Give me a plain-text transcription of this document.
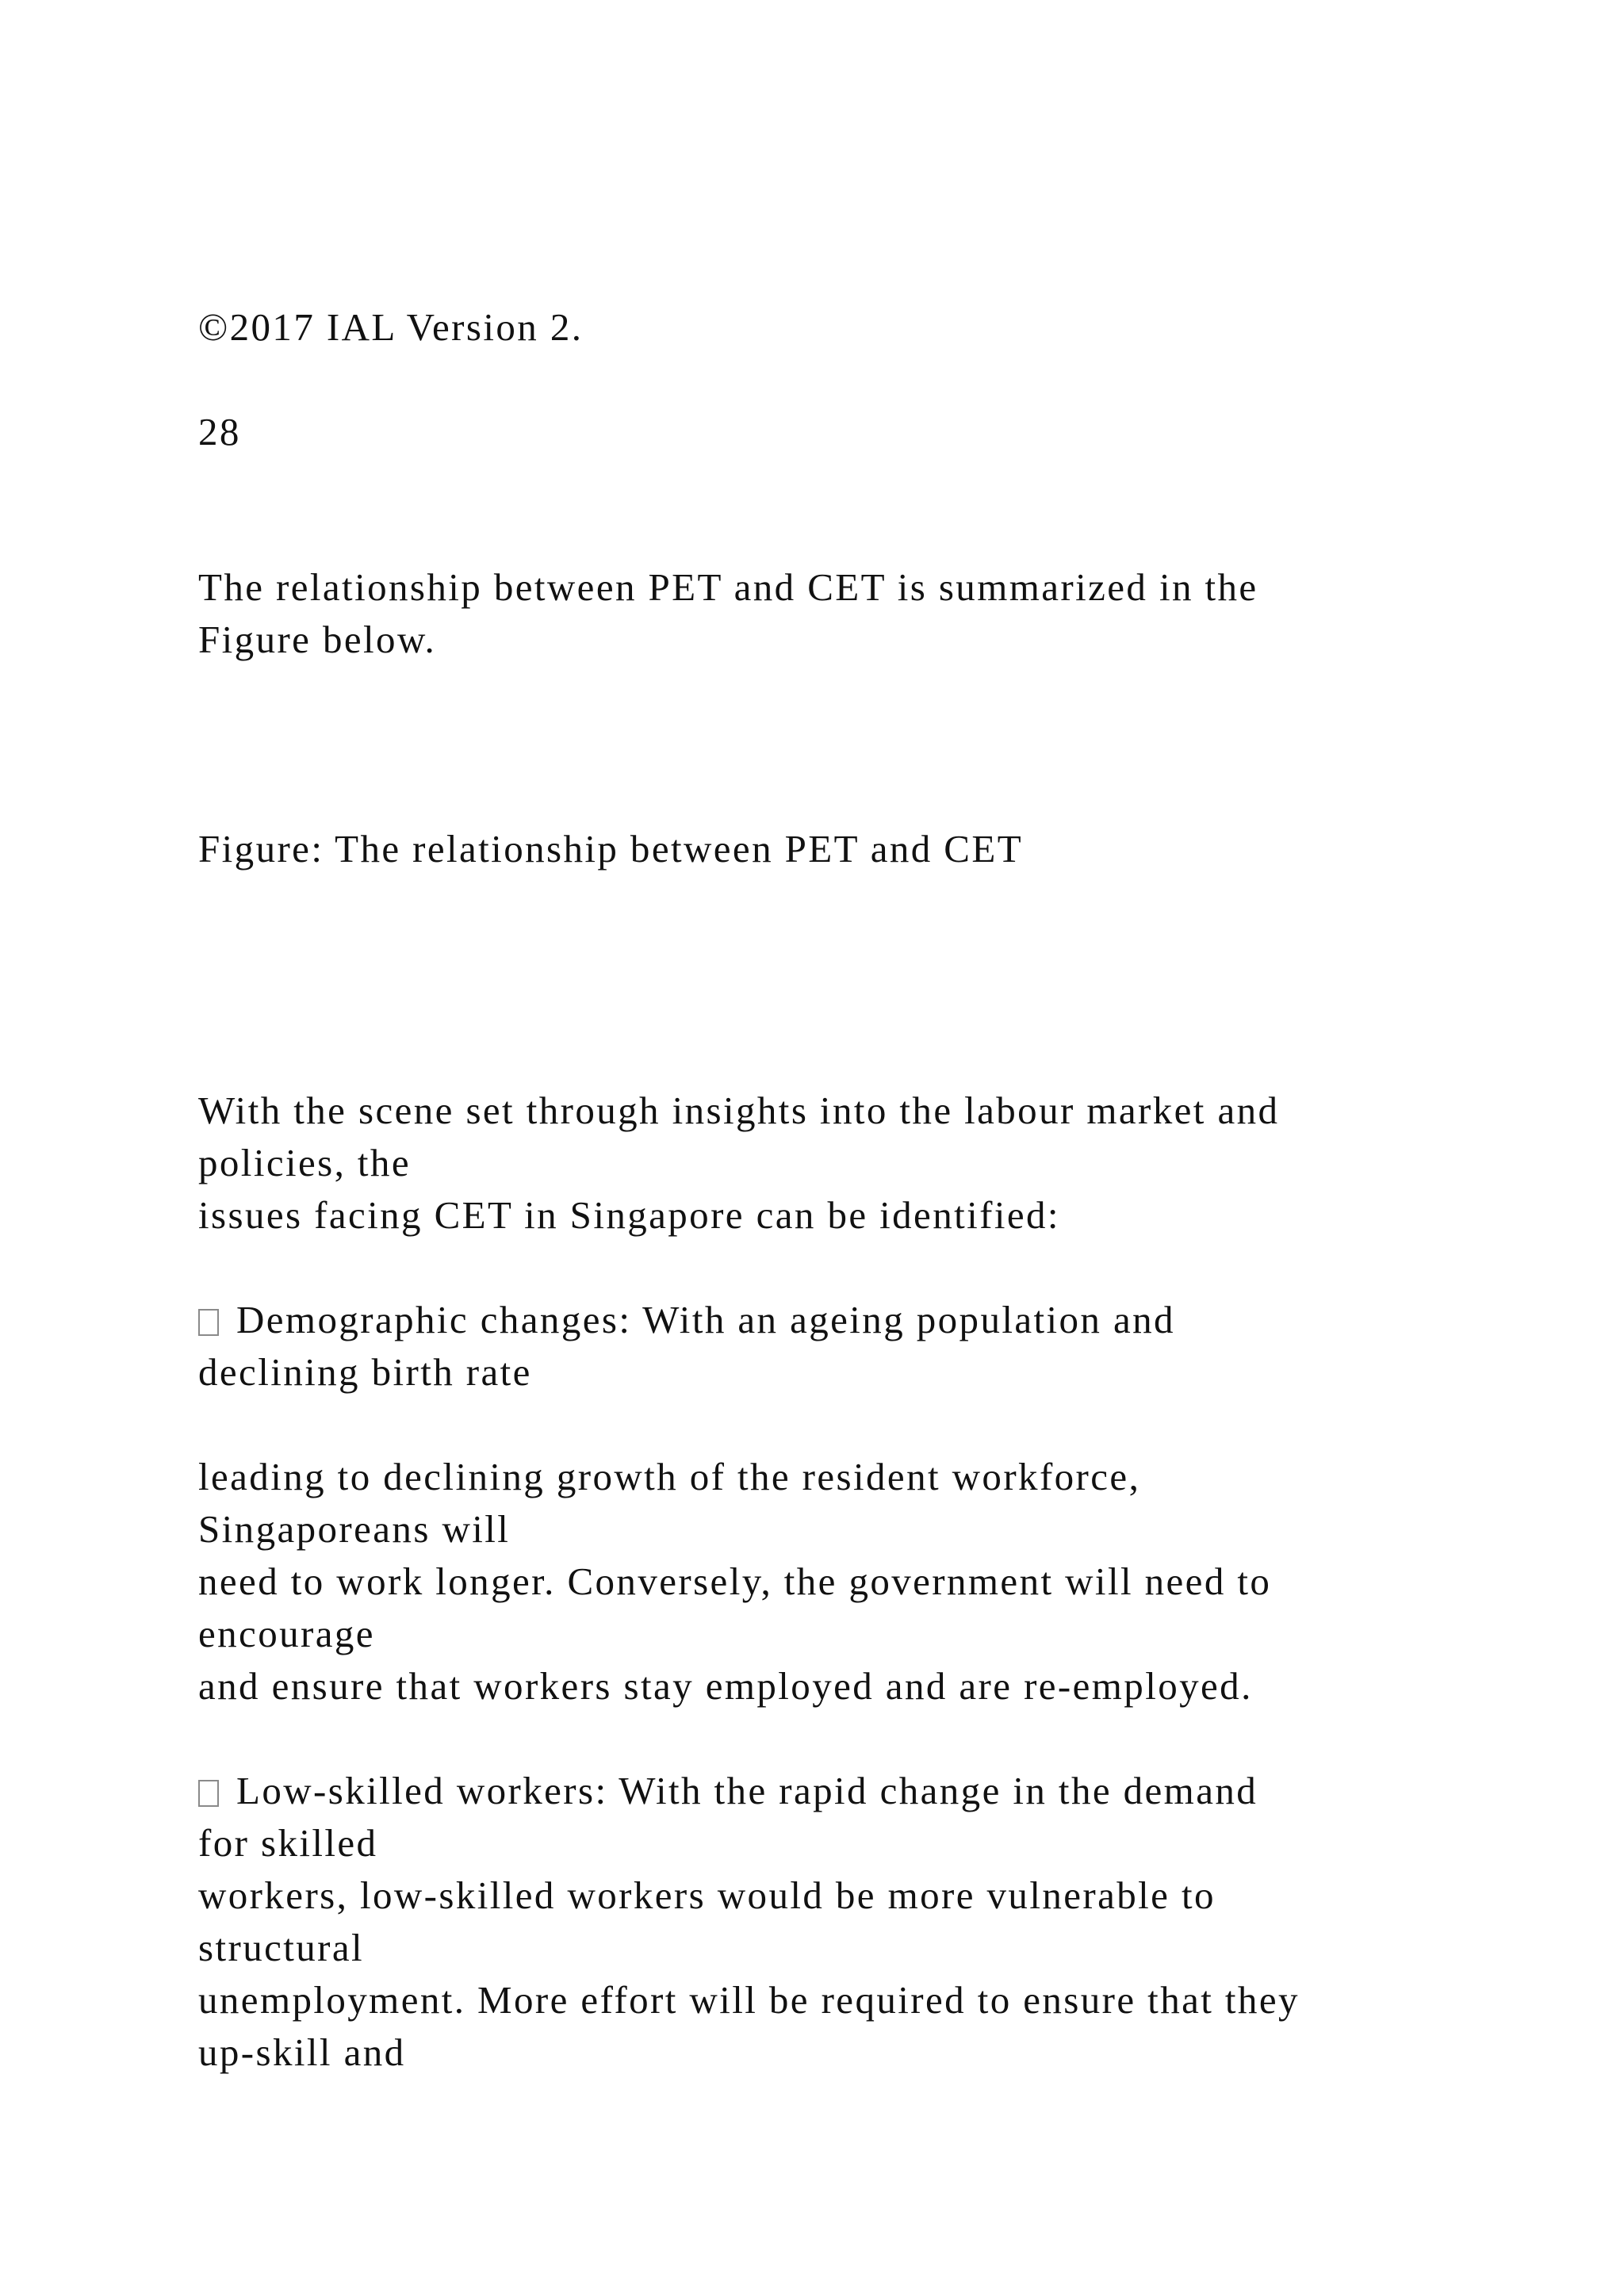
©2017 IAL Version 2.
28
The relationship between PET and CET is summarized in the
Figure below.
Figure: The relationship between PET and CET
With the scene set through insights into the labour market and
policies, the
issues facing CET in Singapore can be identified:
Demographic changes: With an ageing population and
declining birth rate
leading to declining growth of the resident workforce,
Singaporeans will
need to work longer. Conversely, the government will need to
encourage
and ensure that workers stay employed and are re-employed.
Low-skilled workers: With the rapid change in the demand
for skilled
workers, low-skilled workers would be more vulnerable to
structural
unemployment. More effort will be required to ensure that they
up-skill and
